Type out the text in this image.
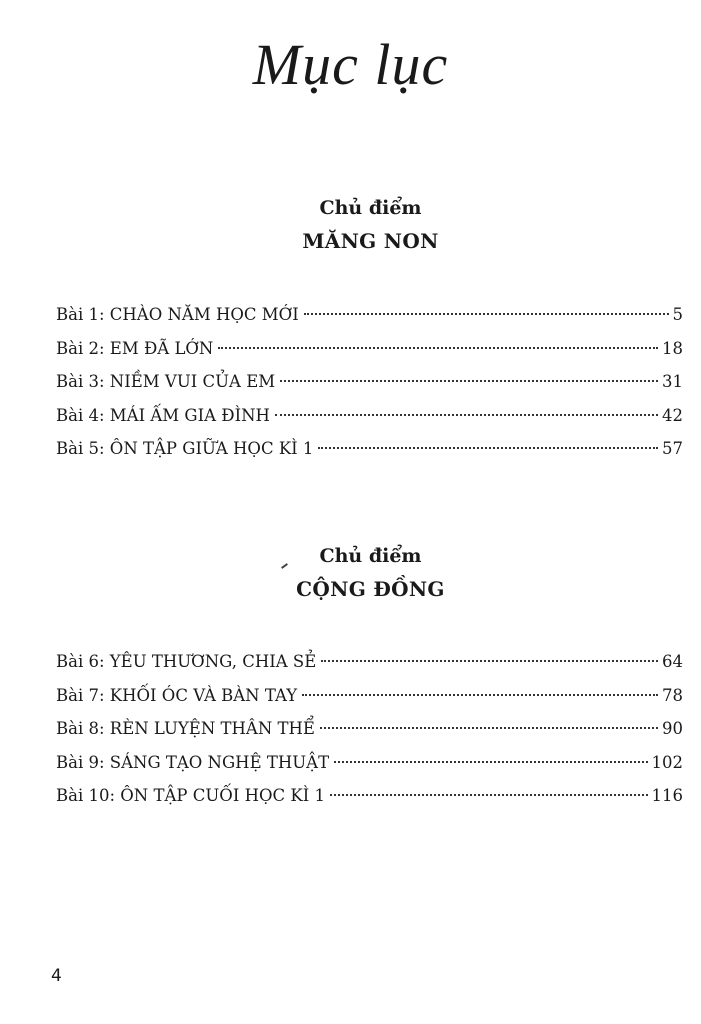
Mục lục
Chủ điểm
MĂNG NON
Bài 1: CHÀO NĂM HỌC MỚI	5
Bài 2: EM ĐÃ LỚN	18
Bài 3: NIỀM VUI CỦA EM	31
Bài 4: MÁI ẤM GIA ĐÌNH	42
Bài 5: ÔN TẬP GIỮA HỌC KÌ 1	57
Chủ điểm
CỘNG ĐỒNG
Bài 6: YÊU THƯƠNG, CHIA SẺ	64
Bài 7: KHỐI ÓC VÀ BÀN TAY	78
Bài 8: RÈN LUYỆN THÂN THỂ	90
Bài 9: SÁNG TẠO NGHỆ THUẬT	102
Bài 10: ÔN TẬP CUỐI HỌC KÌ 1	116
4
